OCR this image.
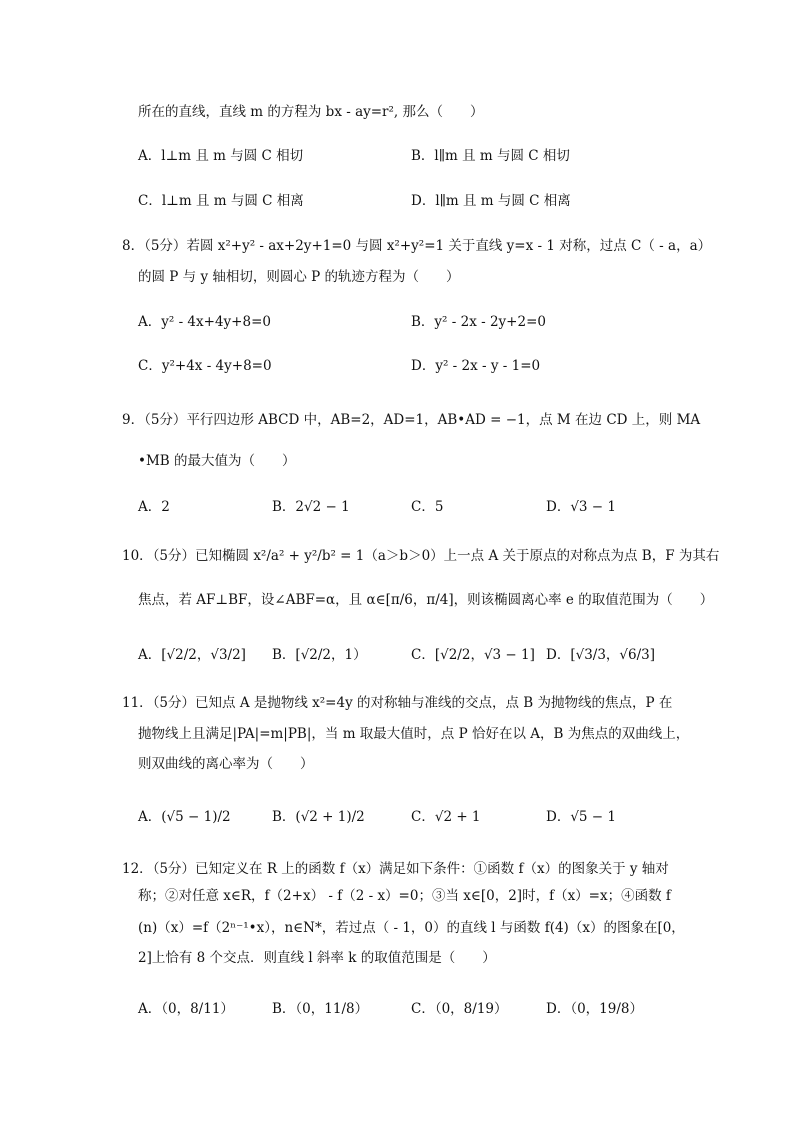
所在的直线，直线 m 的方程为 bx - ay=r², 那么（　　）
A．l⊥m 且 m 与圆 C 相切	B．l∥m 且 m 与圆 C 相切
C．l⊥m 且 m 与圆 C 相离	D．l∥m 且 m 与圆 C 相离
8．（5分）若圆 x²+y² - ax+2y+1=0 与圆 x²+y²=1 关于直线 y=x - 1 对称，过点 C（ - a，a）
的圆 P 与 y 轴相切，则圆心 P 的轨迹方程为（　　）
A．y² - 4x+4y+8=0	B．y² - 2x - 2y+2=0
C．y²+4x - 4y+8=0	D．y² - 2x - y - 1=0
9．（5分）平行四边形 ABCD 中，AB=2，AD=1，AB•AD = −1，点 M 在边 CD 上，则 MA
•MB 的最大值为（　　）
A．2	B．2√2 − 1	C．5	D．√3 − 1
10．（5分）已知椭圆 x²/a² + y²/b² = 1（a＞b＞0）上一点 A 关于原点的对称点为点 B，F 为其右
焦点，若 AF⊥BF，设∠ABF=α，且 α∈[π/6，π/4]，则该椭圆离心率 e 的取值范围为（　　）
A．[√2/2，√3/2] B．[√2/2，1）	C．[√2/2，√3 − 1] D．[√3/3，√6/3]
11．（5分）已知点 A 是抛物线 x²=4y 的对称轴与准线的交点，点 B 为抛物线的焦点，P 在
抛物线上且满足|PA|=m|PB|，当 m 取最大值时，点 P 恰好在以 A，B 为焦点的双曲线上，
则双曲线的离心率为（　　）
A．(√5 − 1)/2	B．(√2 + 1)/2	C．√2 + 1	D．√5 − 1
12．（5分）已知定义在 R 上的函数 f（x）满足如下条件：①函数 f（x）的图象关于 y 轴对
称；②对任意 x∈R，f（2+x） - f（2 - x）=0；③当 x∈[0，2]时，f（x）=x；④函数 f
(n)（x）=f（2ⁿ⁻¹•x），n∈N*，若过点（ - 1，0）的直线 l 与函数 f(4)（x）的图象在[0，
2]上恰有 8 个交点．则直线 l 斜率 k 的取值范围是（　　）
A．（0，8/11）	B．（0，11/8）	C．（0，8/19）	D．（0，19/8）
